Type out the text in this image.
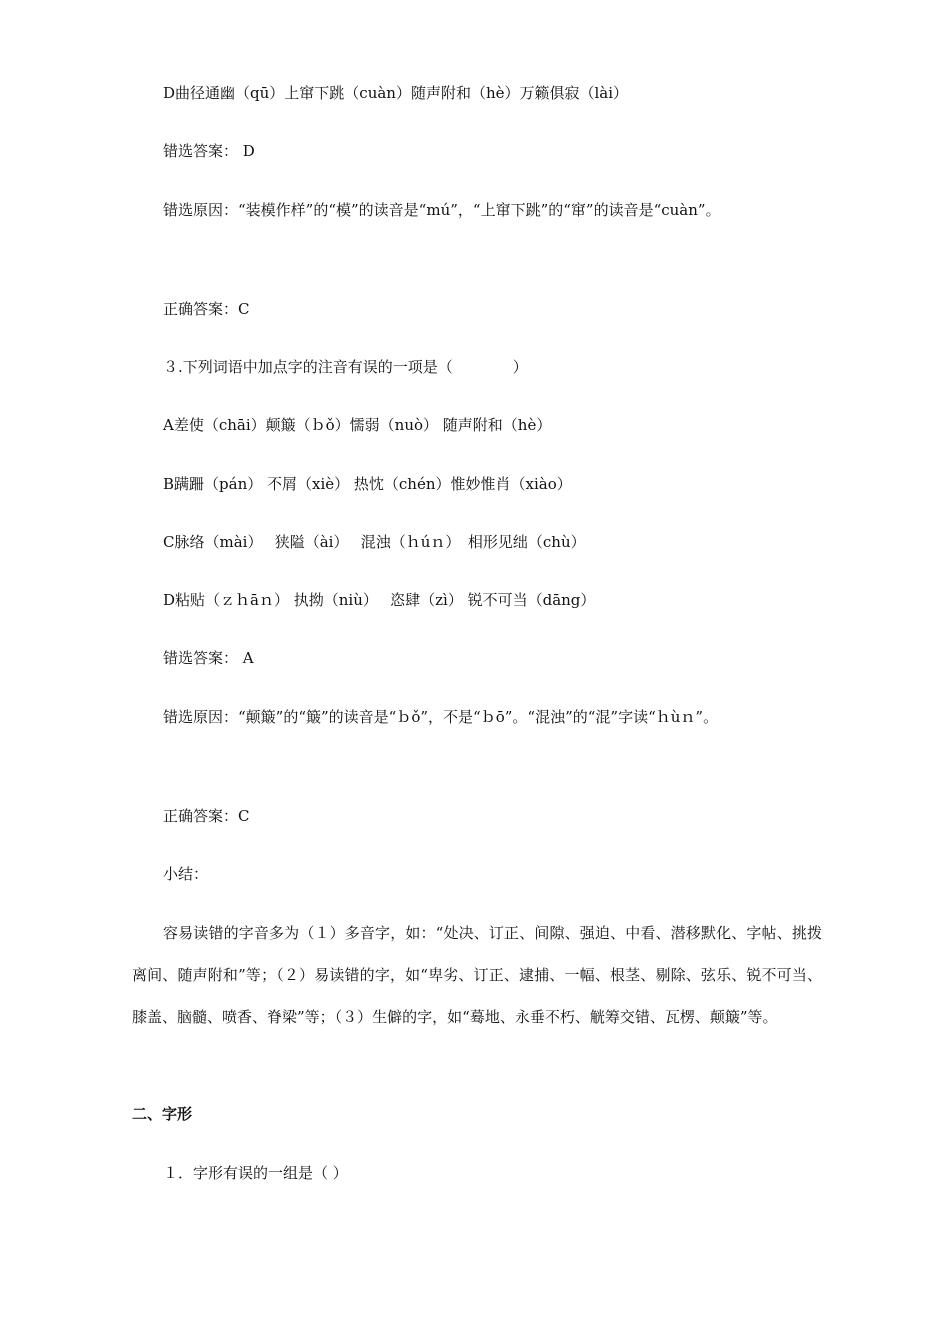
D曲径通幽（qū）上窜下跳（cuàn）随声附和（hè）万籁俱寂（lài）
错选答案： D
错选原因：“装模作样”的“模”的读音是“mú”，“上窜下跳”的“窜”的读音是“cuàn”。
正确答案：C
３.下列词语中加点字的注音有误的一项是（　　　　）
A差使（chāi）颠簸（ｂǒ）懦弱（nuò） 随声附和（hè）
B蹒跚（pán） 不屑（xiè） 热忱（chén）惟妙惟肖（xiào）
C脉络（mài）　 狭隘（ài）　 混浊（ｈúｎ）　相形见绌（chù）
D粘贴（ｚｈāｎ） 执拗（niù）　 恣肆（zì） 锐不可当（dāng）
错选答案： A
错选原因：“颠簸”的“簸”的读音是“ｂǒ”，不是“ｂō”。“混浊”的“混”字读“ｈùｎ”。
正确答案：C
小结：
容易读错的字音多为（１）多音字，如：“处决、订正、间隙、强迫、中看、潜移默化、字帖、挑拨离间、随声附和”等；（２）易读错的字，如“卑劣、订正、逮捕、一幅、根茎、剔除、弦乐、锐不可当、膝盖、脑髓、喷香、脊梁”等；（３）生僻的字，如“蓦地、永垂不朽、觥筹交错、瓦楞、颠簸”等。
二、字形
１．字形有误的一组是（ ）
